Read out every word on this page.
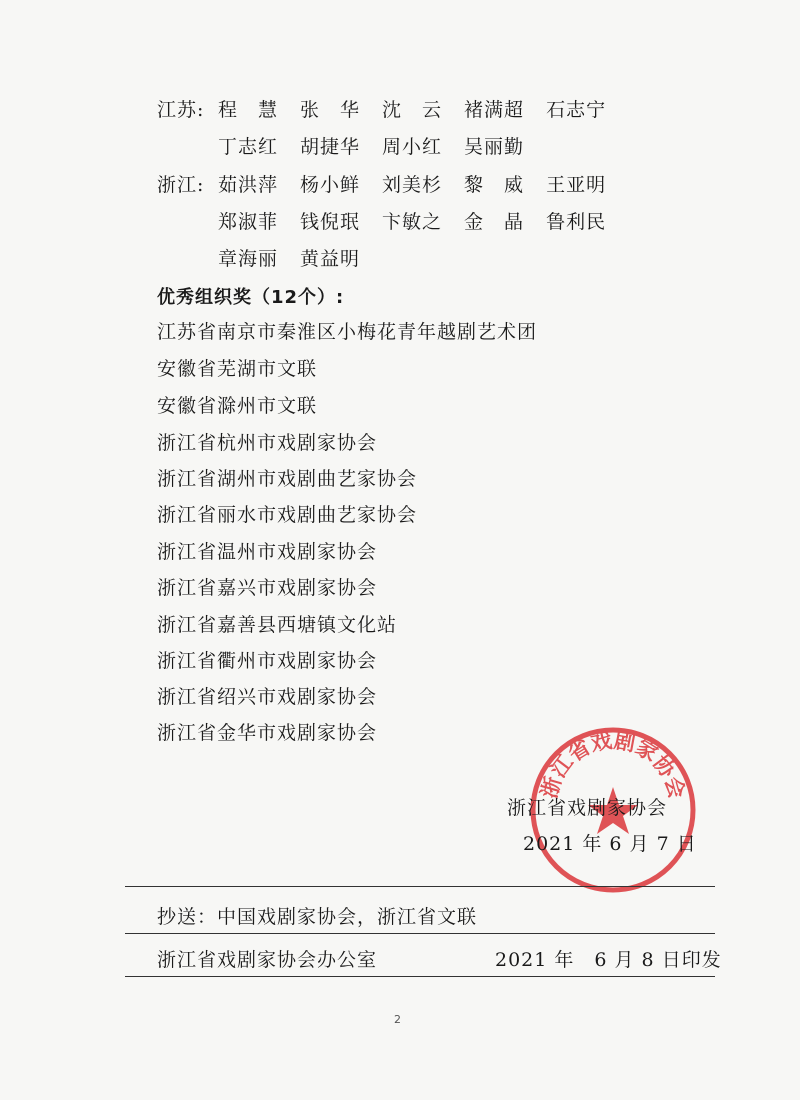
江苏: 程　慧 张　华 沈　云 褚满超 石志宁
丁志红 胡捷华 周小红 吴丽勤
浙江: 茹洪萍 杨小鲜 刘美杉 黎　威 王亚明
郑淑菲 钱倪珉 卞敏之 金　晶 鲁利民
章海丽 黄益明
优秀组织奖（12个）:
江苏省南京市秦淮区小梅花青年越剧艺术团
安徽省芜湖市文联
安徽省滁州市文联
浙江省杭州市戏剧家协会
浙江省湖州市戏剧曲艺家协会
浙江省丽水市戏剧曲艺家协会
浙江省温州市戏剧家协会
浙江省嘉兴市戏剧家协会
浙江省嘉善县西塘镇文化站
浙江省衢州市戏剧家协会
浙江省绍兴市戏剧家协会
浙江省金华市戏剧家协会
浙江省戏剧家协会
浙江省戏剧家协会
2021 年 6 月 7 日
抄送：中国戏剧家协会，浙江省文联
浙江省戏剧家协会办公室	2021 年　6 月 8 日印发
2
